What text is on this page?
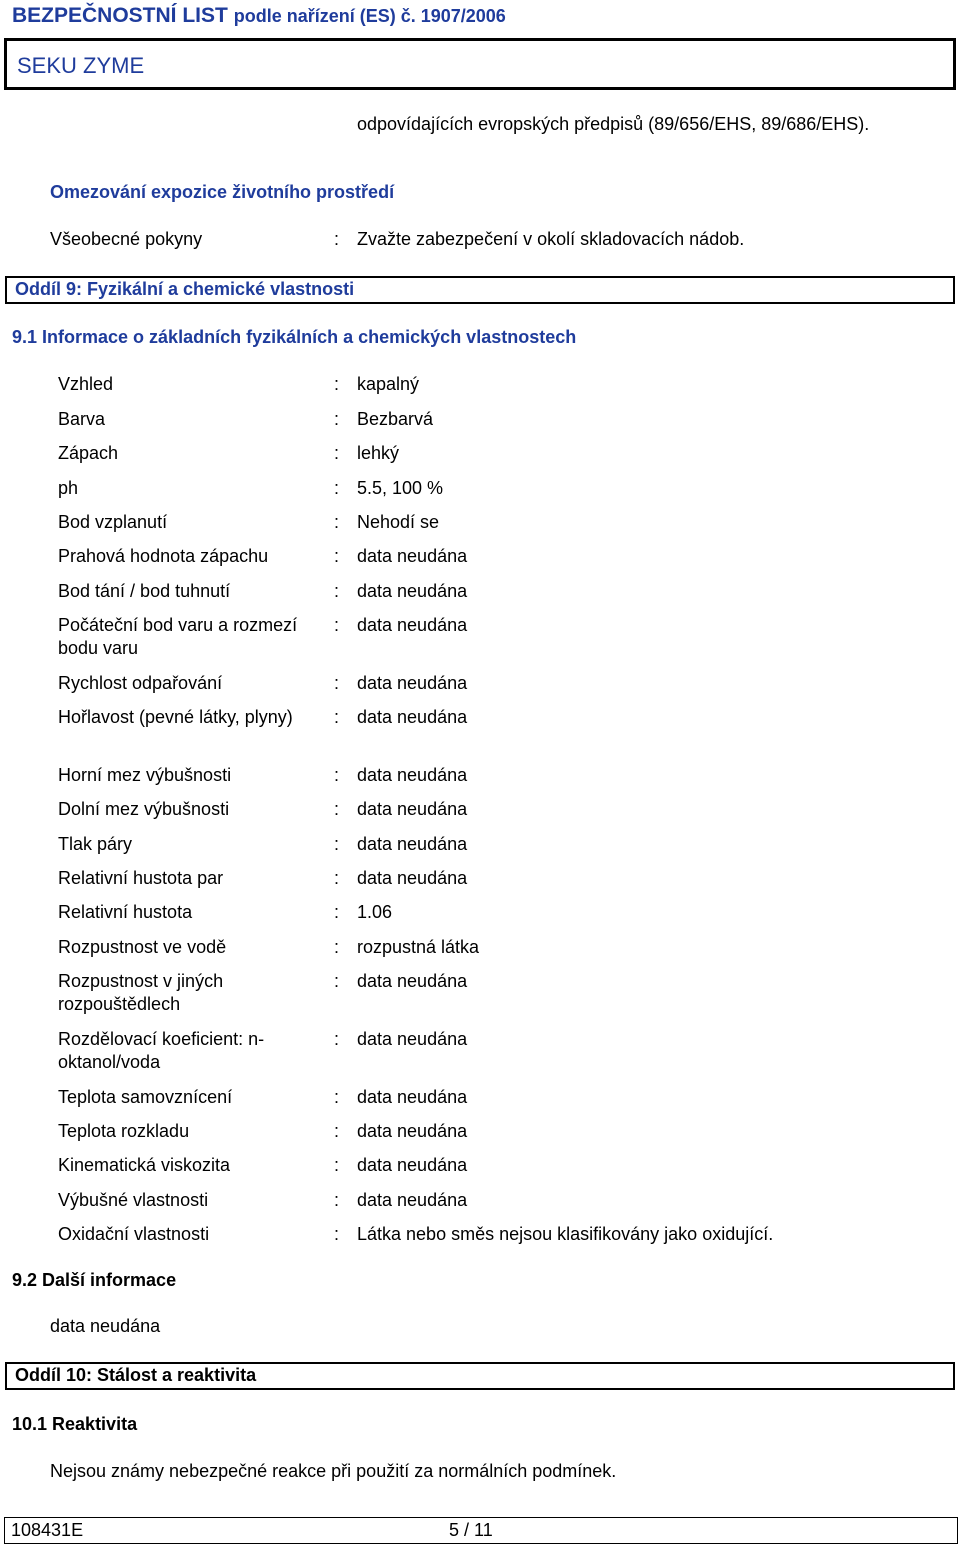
BEZPEČNOSTNÍ LIST podle nařízení (ES) č. 1907/2006
SEKU ZYME
odpovídajících evropských předpisů (89/656/EHS, 89/686/EHS).
Omezování expozice životního prostředí
Všeobecné pokyny	: Zvažte zabezpečení v okolí skladovacích nádob.
Oddíl 9: Fyzikální a chemické vlastnosti
9.1 Informace o základních fyzikálních a chemických vlastnostech
Vzhled	: kapalný
Barva	: Bezbarvá
Zápach	: lehký
ph	: 5.5, 100 %
Bod vzplanutí	: Nehodí se
Prahová hodnota zápachu	: data neudána
Bod tání / bod tuhnutí	: data neudána
Počáteční bod varu a rozmezí bodu varu
: data neudána
Rychlost odpařování	: data neudána
Hořlavost (pevné látky, plyny)	: data neudána
Horní mez výbušnosti	: data neudána
Dolní mez výbušnosti	: data neudána
Tlak páry	: data neudána
Relativní hustota par	: data neudána
Relativní hustota	: 1.06
Rozpustnost ve vodě	: rozpustná látka
Rozpustnost v jiných rozpouštědlech
: data neudána
Rozdělovací koeficient: n-oktanol/voda
: data neudána
Teplota samovznícení	: data neudána
Teplota rozkladu	: data neudána
Kinematická viskozita	: data neudána
Výbušné vlastnosti	: data neudána
Oxidační vlastnosti	: Látka nebo směs nejsou klasifikovány jako oxidující.
9.2 Další informace
data neudána
Oddíl 10: Stálost a reaktivita
10.1 Reaktivita
Nejsou známy nebezpečné reakce při použití za normálních podmínek.
108431E	5 / 11
